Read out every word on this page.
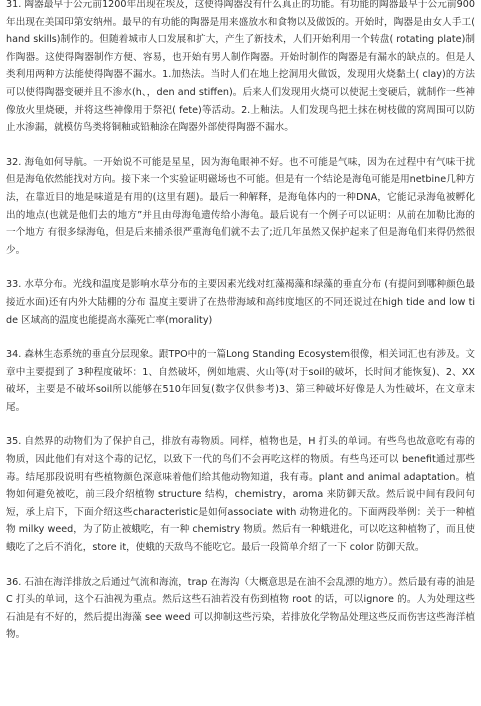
31. 陶器最早于公元前1200年出现在埃及，这使得陶器没有什么真正的功能。有功能的陶器最早于公元前900年出现在美国印第安纳州。最早的有功能的陶器是用来盛放水和食物以及做饭的。开始时，陶器是由女人手工( hand skills)制作的。但随着城市人口发展和扩大，产生了新技术，人们开始利用一个转盘( rotating plate)制作陶器。这使得陶器制作方便、容易，也开始有男人制作陶器。开始时制作的陶器是有漏水的缺点的。但是人类利用两种方法能使得陶器不漏水。1.加热法。当时人们在地上挖洞用火做饭，发现用火烧黏土( clay)的方法可以使得陶器变硬并且不渗水(h、，den and stiffen)。后来人们发现用火烧可以使泥土变硬后，就制作一些神像放火里烧硬，并将这些神像用于祭祀( fete)等活动。2.上釉法。人们发现鸟把土抹在树枝做的窝周围可以防止水渗漏，就模仿鸟类将铜釉或铅釉涂在陶器外部使得陶器不漏水。

32. 海龟如何导航。一开始说不可能是星星，因为海龟眼神不好。也不可能是气味，因为在过程中有气味干扰但是海龟依然能找对方向。接下来一个实验证明磁场也不可能。但是有一个结论是海龟可能是用netbine几种方法，在靠近目的地是味道是有用的(这里有题)。最后一种解释，是海龟体内的一种DNA，它能记录海龟被孵化出的地点(也就是他们去的地方”并且由母海龟遗传给小海龟。最后说有一个例子可以证明：从前在加勒比海的一个地方 有很多绿海龟，但是后来捕杀很严重海龟们就不去了;近几年虽然又保护起来了但是海龟们来得仍然很少。

33. 水草分布。光线和温度是影响水草分布的主要因素光线对红藻褐藻和绿藻的垂直分布 (有提问到哪种颜色最接近水面)还有内外大陆棚的分布 温度主要讲了在热带海域和高纬度地区的不同还说过在high tide and low tide 区域高的温度也能提高水藻死亡率(morality)

34. 森林生态系统的垂直分层现象。跟TPO中的一篇Long Standing Ecosystem很像，相关词汇也有涉及。文章中主要提到了 3种程度破坏：1、自然破坏，例如地震、火山等(对于soil的破坏，长时间才能恢复)、2、XX破坏，主要是不破坏soil所以能够在510年回复(数字仅供参考)3、第三种破坏好像是人为性破坏，在文章末尾。

35. 自然界的动物们为了保护自己，排放有毒物质。同样，植物也是，H 打头的单词。有些鸟也故意吃有毒的物质，因此他们有对这个毒的记忆，以致下一代的鸟们不会再吃这样的物质。有些鸟还可以 benefit通过那些毒。结尾那段说明有些植物颜色深意味着他们给其他动物知道，我有毒。plant and animal adaptation。植物如何避免被吃，前三段介绍植物 structure 结构，chemistry，aroma 来防御天敌。然后说中间有段问句短，承上启下，下面介绍这些characteristic是如何associate with 动物进化的。下面两段举例：关于一种植物 milky weed，为了防止被蛾吃，有一种 chemistry 物质。然后有一种蛾进化，可以吃这种植物了，而且使蛾吃了之后不消化，store it，使蛾的天敌鸟不能吃它。最后一段简单介绍了一下 color 防御天敌。

36. 石油在海洋排放之后通过气流和海流，trap 在海沟（大概意思是在油不会乱漂的地方）。然后最有毒的油是 C 打头的单词，这个石油视为重点。然后这些石油若没有伤到植物 root 的话，可以ignore 的。人为处理这些石油是有不好的，然后提出海藻 see weed 可以抑制这些污染，若排放化学物品处理这些反而伤害这些海洋植物。
